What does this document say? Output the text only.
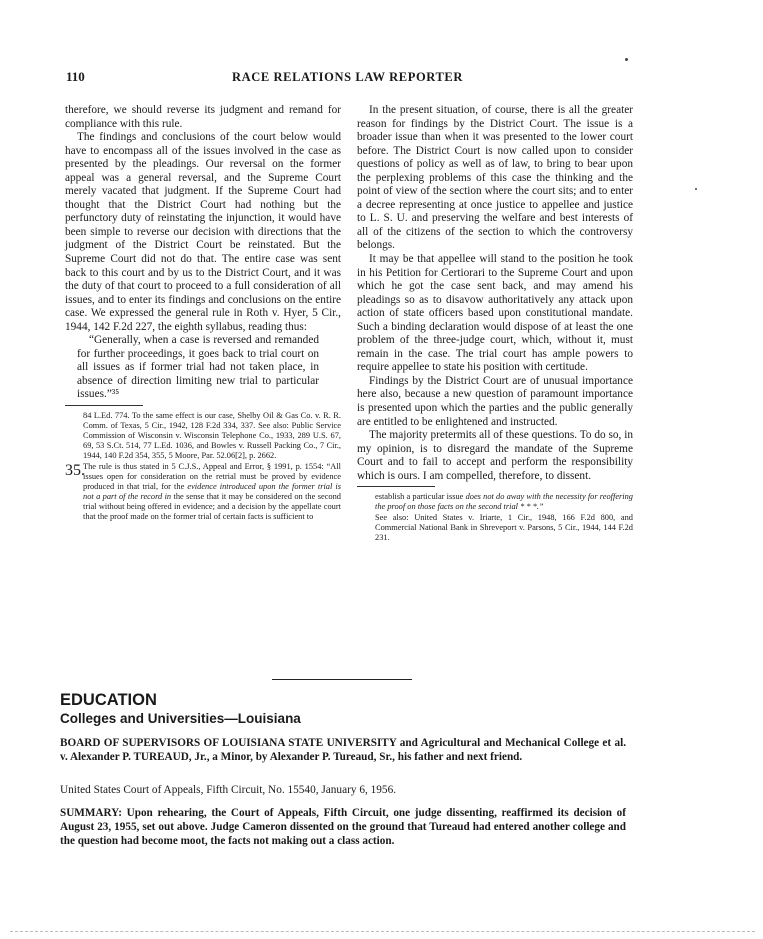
110	RACE RELATIONS LAW REPORTER

therefore, we should reverse its judgment and remand for compliance with this rule.

The findings and conclusions of the court below would have to encompass all of the issues involved in the case as presented by the pleadings. Our reversal on the former appeal was a general reversal, and the Supreme Court merely vacated that judgment. If the Supreme Court had thought that the District Court had nothing but the perfunctory duty of reinstating the injunction, it would have been simple to reverse our decision with directions that the judgment of the District Court be reinstated. But the Supreme Court did not do that. The entire case was sent back to this court and by us to the District Court, and it was the duty of that court to proceed to a full consideration of all issues, and to enter its findings and conclusions on the entire case. We expressed the general rule in Roth v. Hyer, 5 Cir., 1944, 142 F.2d 227, the eighth syllabus, reading thus:

“Generally, when a case is reversed and remanded for further proceedings, it goes back to trial court on all issues as if former trial had not taken place, in absence of direction limiting new trial to particular issues.”³⁵

84 L.Ed. 774. To the same effect is our case, Shelby Oil & Gas Co. v. R. R. Comm. of Texas, 5 Cir., 1942, 128 F.2d 334, 337. See also: Public Service Commission of Wisconsin v. Wisconsin Telephone Co., 1933, 289 U.S. 67, 69, 53 S.Ct. 514, 77 L.Ed. 1036, and Bowles v. Russell Packing Co., 7 Cir., 1944, 140 F.2d 354, 355, 5 Moore, Par. 52.06[2], p. 2662.

35.

The rule is thus stated in 5 C.J.S., Appeal and Error, § 1991, p. 1554: “All issues open for consideration on the retrial must be proved by evidence produced in that trial, for the evidence introduced upon the former trial is not a part of the record in the sense that it may be considered on the second trial without being offered in evidence; and a decision by the appellate court that the proof made on the former trial of certain facts is sufficient to

In the present situation, of course, there is all the greater reason for findings by the District Court. The issue is a broader issue than when it was presented to the lower court before. The District Court is now called upon to consider questions of policy as well as of law, to bring to bear upon the perplexing problems of this case the thinking and the point of view of the section where the court sits; and to enter a decree representing at once justice to appellee and justice to L. S. U. and preserving the welfare and best interests of all of the citizens of the section to which the controversy belongs.

It may be that appellee will stand to the position he took in his Petition for Certiorari to the Supreme Court and upon which he got the case sent back, and may amend his pleadings so as to disavow authoritatively any attack upon action of state officers based upon constitutional mandate. Such a binding declaration would dispose of at least the one problem of the three-judge court, which, without it, must remain in the case. The trial court has ample powers to require appellee to state his position with certitude.

Findings by the District Court are of unusual importance here also, because a new question of paramount importance is presented upon which the parties and the public generally are entitled to be enlightened and instructed.

The majority pretermits all of these questions. To do so, in my opinion, is to disregard the mandate of the Supreme Court and to fail to accept and perform the responsibility which is ours. I am compelled, therefore, to dissent.

establish a particular issue does not do away with the necessity for reoffering the proof on those facts on the second trial * * *.”

See also: United States v. Iriarte, 1 Cir., 1948, 166 F.2d 800, and Commercial National Bank in Shreveport v. Parsons, 5 Cir., 1944, 144 F.2d 231.

EDUCATION
Colleges and Universities—Louisiana

BOARD OF SUPERVISORS OF LOUISIANA STATE UNIVERSITY and Agricultural and Mechanical College et al. v. Alexander P. TUREAUD, Jr., a Minor, by Alexander P. Tureaud, Sr., his father and next friend.

United States Court of Appeals, Fifth Circuit, No. 15540, January 6, 1956.

SUMMARY: Upon rehearing, the Court of Appeals, Fifth Circuit, one judge dissenting, reaffirmed its decision of August 23, 1955, set out above. Judge Cameron dissented on the ground that Tureaud had entered another college and the question had become moot, the facts not making out a class action.
